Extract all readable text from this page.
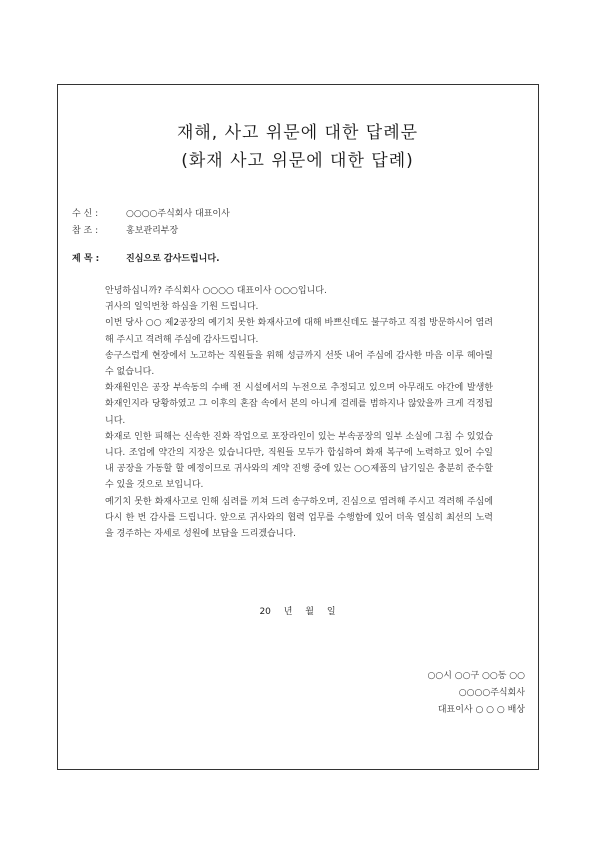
재해, 사고 위문에 대한 답례문
(화재 사고 위문에 대한 답례)
수 신 :	○○○○주식회사 대표이사
참 조 :	홍보관리부장
제 목 :	진심으로 감사드립니다.

안녕하십니까? 주식회사 ○○○○ 대표이사 ○○○입니다.

귀사의 일익번창 하심을 기원 드립니다.

이번 당사 ○○ 제2공장의 예기치 못한 화재사고에 대해 바쁘신데도 불구하고 직접 방문하시어 염려해 주시고 격려해 주심에 감사드립니다.

송구스럽게 현장에서 노고하는 직원들을 위해 성금까지 선뜻 내어 주심에 감사한 마음 이루 헤아릴 수 없습니다.

화재원인은 공장 부속동의 수배 전 시설에서의 누전으로 추정되고 있으며 아무래도 야간에 발생한 화재인지라 당황하였고 그 이후의 혼잡 속에서 본의 아니게 걸레를 범하지나 않았을까 크게 걱정됩니다.

화재로 인한 피해는 신속한 진화 작업으로 포장라인이 있는 부속공장의 일부 소실에 그침 수 있었습니다. 조업에 약간의 지장은 있습니다만, 직원들 모두가 합심하여 화재 복구에 노력하고 있어 수일 내 공장을 가동할 할 예정이므로 귀사와의 계약 진행 중에 있는 ○○제품의 납기일은 충분히 준수할 수 있을 것으로 보입니다.

예기치 못한 화재사고로 인해 심려를 끼쳐 드려 송구하오며, 진심으로 염려해 주시고 격려해 주심에 다시 한 번 감사를 드립니다. 앞으로 귀사와의 협력 업무를 수행함에 있어 더욱 열심히 최선의 노력을 경주하는 자세로 성원에 보답을 드리겠습니다.

20 년 월 일
○○시 ○○구 ○○동 ○○
○○○○주식회사
대표이사 ○ ○ ○ 배상
